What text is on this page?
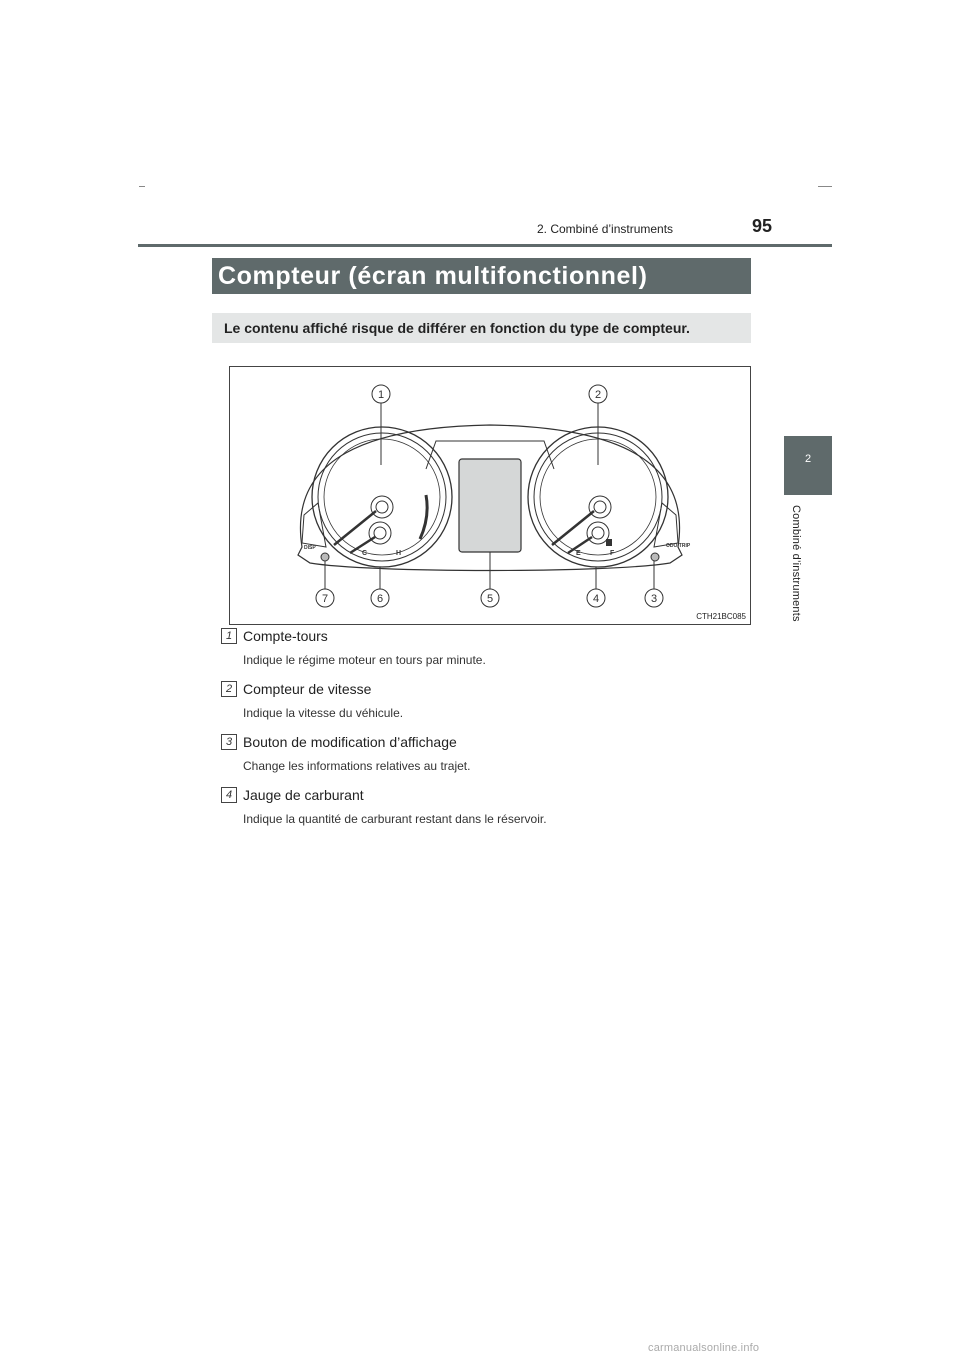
95
2. Combiné d’instruments
2
Combiné d’instruments
Compteur (écran multifonctionnel)
Le contenu affiché risque de différer en fonction du type de compteur.
C	H	E	F
DISP	ODO TRIP
1	2
3
4
5
6
7
CTH21BC085
1 Compte-tours
Indique le régime moteur en tours par minute.
2 Compteur de vitesse
Indique la vitesse du véhicule.
3 Bouton de modification d’affichage
Change les informations relatives au trajet.
4 Jauge de carburant
Indique la quantité de carburant restant dans le réservoir.
carmanualsonline.info
